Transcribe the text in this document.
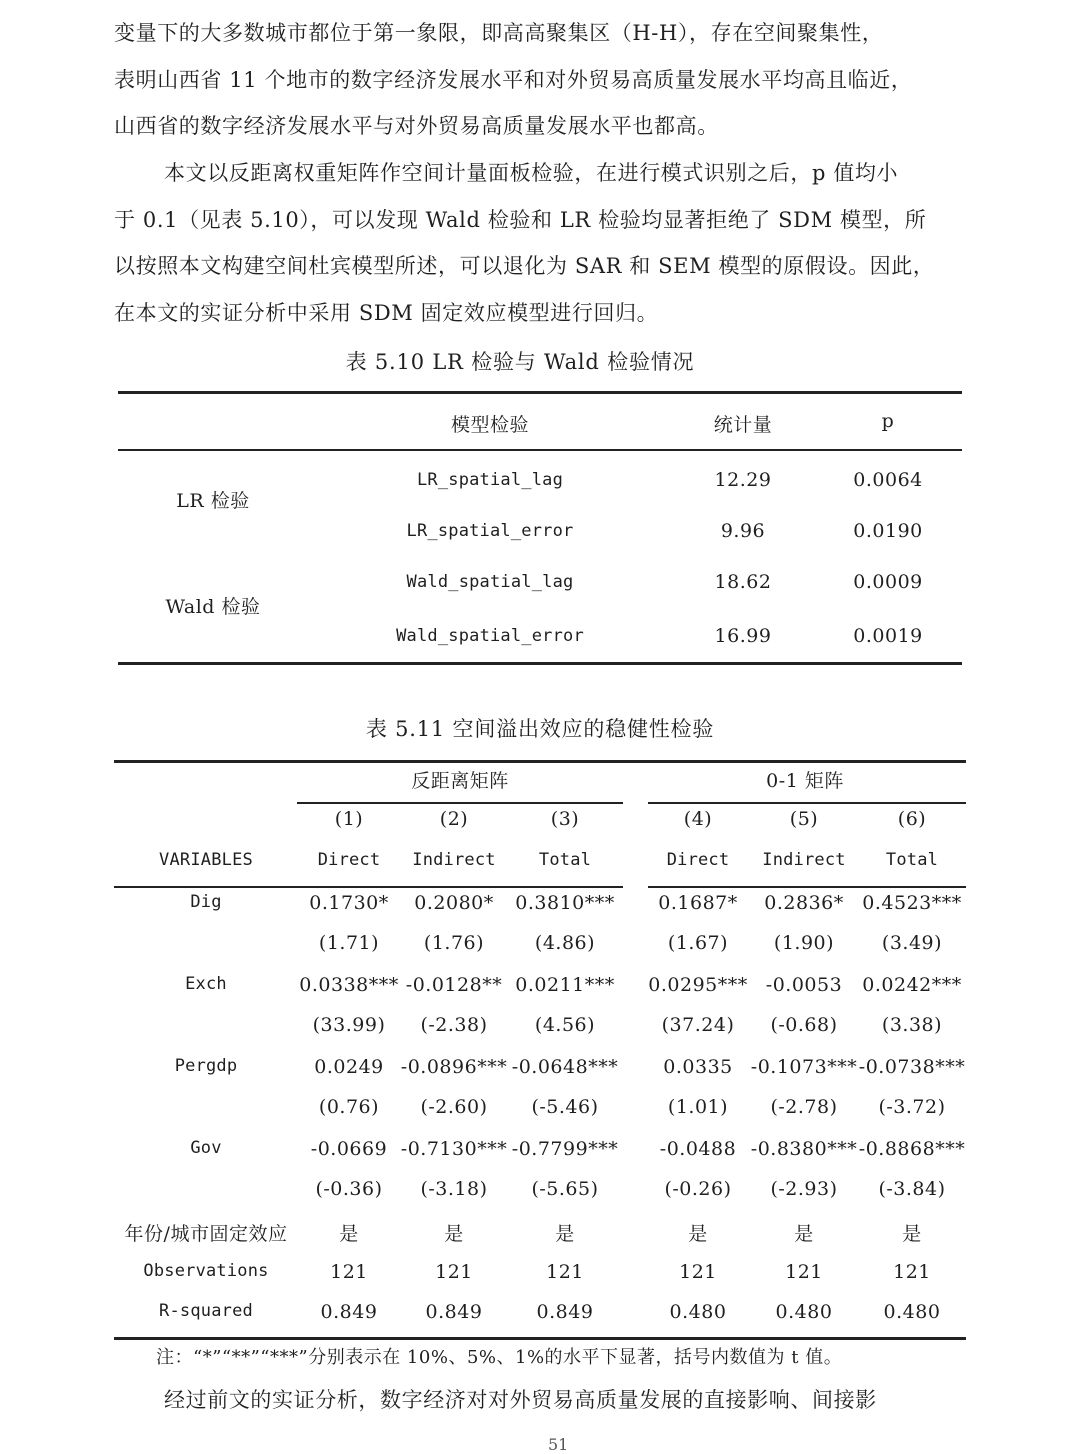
变量下的大多数城市都位于第一象限，即高高聚集区（H-H），存在空间聚集性，
表明山西省 11 个地市的数字经济发展水平和对外贸易高质量发展水平均高且临近，
山西省的数字经济发展水平与对外贸易高质量发展水平也都高。
本文以反距离权重矩阵作空间计量面板检验，在进行模式识别之后，p 值均小
于 0.1（见表 5.10），可以发现 Wald 检验和 LR 检验均显著拒绝了 SDM 模型，所
以按照本文构建空间杜宾模型所述，可以退化为 SAR 和 SEM 模型的原假设。因此，
在本文的实证分析中采用 SDM 固定效应模型进行回归。
表 5.10 LR 检验与 Wald 检验情况
模型检验	统计量	p
LR 检验
Wald 检验
LR_spatial_lag	12.29	0.0064
LR_spatial_error	9.96	0.0190
Wald_spatial_lag	18.62	0.0009
Wald_spatial_error	16.99	0.0019
表 5.11 空间溢出效应的稳健性检验
反距离矩阵	0-1 矩阵
(1)	(2)	(3)	(4)	(5)	(6)
VARIABLES	Direct Indirect	Total	Direct Indirect Total
Dig	0.1730* 0.2080* 0.3810*** 0.1687* 0.2836* 0.4523***
(1.71) (1.76)	(4.86)	(1.67) (1.90)	(3.49)
Exch	0.0338*** -0.0128** 0.0211*** 0.0295*** -0.0053 0.0242***
(33.99) (-2.38) (4.56)	(37.24) (-0.68) (3.38)
Pergdp	0.0249 -0.0896*** -0.0648*** 0.0335 -0.1073*** -0.0738***
(0.76) (-2.60) (-5.46)	(1.01) (-2.78) (-3.72)
Gov	-0.0669 -0.7130*** -0.7799*** -0.0488 -0.8380*** -0.8868***
(-0.36) (-3.18) (-5.65)	(-0.26) (-2.93) (-3.84)
年份/城市固定效应	是	是	是	是	是	是
Observations	121	121	121	121	121	121
R-squared	0.849	0.849	0.849	0.480	0.480	0.480
注：“*”“**”“***”分别表示在 10%、5%、1%的水平下显著，括号内数值为 t 值。
经过前文的实证分析，数字经济对对外贸易高质量发展的直接影响、间接影
51
